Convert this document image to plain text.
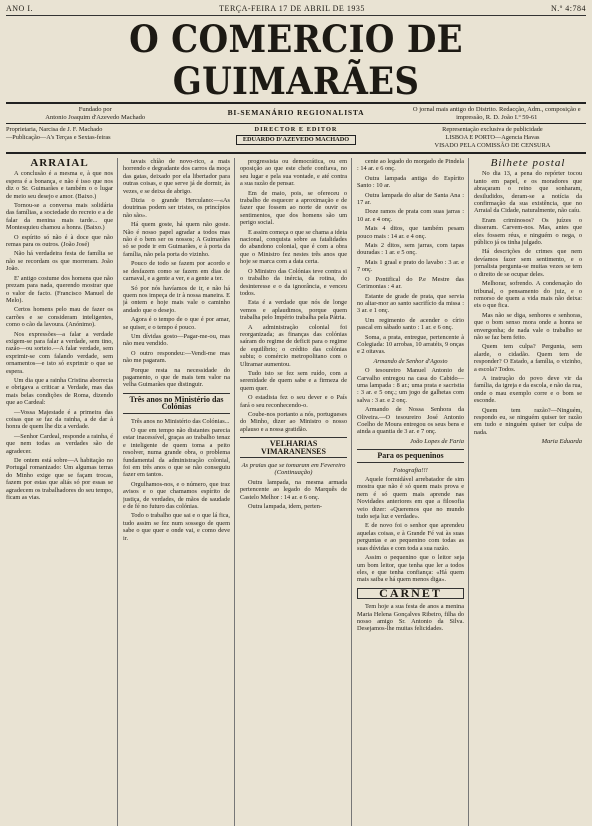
ANO I.	TERÇA-FEIRA 17 DE ABRIL DE 1935	N.º 4:784
O COMERCIO DE GUIMARÃES
Fundado por
Antonio Joaquim d'Azevedo Machado	BI-SEMANÁRIO REGIONALISTA	O jornal mais antigo do Distrito. Redacção, Adm., composição e impressão, R. D. João I.º 59-61
Proprietaria, Narcisa de J. F. Machado
—Publicação—A's Terças e Sextas-feiras
DIRECTOR E EDITOR
EDUARDO D'AZEVEDO MACHADO
Representação exclusiva de publicidade
LISBOA E PORTO—Agencia Havas
VISADO PELA COMISSÃO DE CENSURA
ARRAIAL

A conclusão é a mesma e, à que nos espera é a bonança, e não é isso que nos diz o Sr. Guimarães e também o o lugar de meio seu desejo e amor. (Baixo.)

Tornou-se a conversa mais solidária das famílias, a sociedade do recreio e a de falar da menina mais tarde... que Montesquieu chamou a honra. (Baixo.)

O espírito só não é à doce que não remas para os outros. (João José)

Não há verdadeira festa de família se não se recordam os que morreram. João João.

E' antigo costume dos homens que não prezam para nada, querendo mostrar que o valor de facto. (Francisco Manuel de Melo).

Certos homens pelo mau de fazer os carrões e se consideram inteligentes, como o cão da lavoura. (Anónimo).

Nos expressões—a falar a verdade exigem-se para falar a verdade, sem tino, razão—ou sorteio.—A falar verdade, sem exprimir-se com falando verdade, sem ornamentos—e isto só exprimir o que se espera.

Um dia que a rainha Cristina aborrecia e obrigava a criticar a Verdade, mas das mais belas condições de Roma, dizendo que ao Cardeal:

—Vossa Majestade é a primeira das coisas que se faz da rainha, a de dar à honra de quem lhe diz a verdade.

—Senhor Cardeal, responde a rainha, é que nem todas as verdades são de agradecer.

De ontem está sobre—A habitação no Portugal romanizado: Um algumas terras do Minho exige que se façam trocas, fazem por estas que aliás só por essas se agradecem os trabalhadores do seu tempo, ficam as vias.

tavais chíão de novo-rico, a mais horrendo e degradante dos carros da moça das gatas, deixado por ela libertador para outras coisas, e que serve já de dormir, às vezes, e se deixa de abrigo.

Dizia o grande Herculano:—«As doutrinas podem ser tristes, os princípios não são».

Há quem goste, há quem não goste. Não é nosso papel agradar a todos mas não é o bem ser os nossos; A Guimarães só se pode ir em Guimarães, e à porta da família, não pela porta do vizinho.

Pouco de todo se fazem por acordo e se desfazem como se fazem em dias de carnaval, e a gente a ver, e a gente a ter.

Só por nós havíamos de ir, e não há quem nos impeça de ir à nossa maneira. E já ontem e hoje mais vale o caminho andado que o desejo.

Agora é o tempo de o que é por amar, se quiser, e o tempo é pouco.

Um dívidas gosto—Pagar-me-ou, mas não meu vendido.

O outro respondeu:—Vendi-me mas não me pagaram.

Porque resta na necessidade do pagamento, o que de mais tem valor na velha Guimarães que distinguir.

Três anos no Ministério das Colónias

Três anos no Ministério das Colónias...

O que em tempo não distantes parecia estar inacessível, graças ao trabalho tenaz e inteligente de quem toma a peito resolver, numa grande obra, o problema fundamental da administração colonial, foi em três anos o que se não conseguiu fazer em tantos.

Orgulhamos-nos, e o número, que traz avisos e o que chamamos espírito de justiça, de verdades, de mãos de saudade e de fé no futuro das colónias.

Todo o trabalho que sai e o que lá fica, tudo assim se fez num sossego de quem sabe o que quer e onde vai, e como deve ir.

progressista ou democrática, ou em oposição ao que este chefe confiava, no seu lugar e pela sua vontade, e até contra a sua razão de pensar.

Em de maio, pois, se ofereceu o trabalho de esquecer a aproximação e de fazer que fossem ao norte de ouvir os sentimentos, que dos homens são um perigo social.

E assim começa o que se chama a ideia nacional, conquista sobre as fatalidades do abandono colonial, que é com a obra que o Ministro fez nestes três anos que hoje se marca com a data certa.

O Ministro das Colónias teve contra si o trabalho da inércia, da rotina, do desinteresse e o da ignorância, e venceu todos.

Esta é a verdade que nós de longe vemos e aplaudimos, porque quem trabalha pelo Império trabalha pela Pátria.

A administração colonial foi reorganizada; as finanças das colónias saíram do regime de deficit para o regime de equilíbrio; o crédito das colónias subiu; o comércio metropolitano com o Ultramar aumentou.

Tudo isto se fez sem ruído, com a serenidade de quem sabe e a firmeza de quem quer.

O estadista fez o seu dever e o País fará o seu reconhecendo-o.

Coube-nos portanto a nós, portugueses do Minho, dizer ao Ministro o nosso aplauso e a nossa gratidão.

VELHARIAS VIMARANENSES
As praias que se tomaram em Fevereiro (Continuação)

Outra lampada, na mesma armada pertencente ao legado do Marquês de Castelo Melhor : 14 ar. e 6 onç.

Outra lampada, idem, perten-

cente ao legado do morgado de Pindela : 14 ar. e 6 onç.

Outra lampada antiga do Espírito Santo : 10 ar.

Outra lampada do altar de Santa Ana : 17 ar.

Doze ramos de prata com suas jarras : 10 ar. e 4 onç.

Mais 4 ditos, que também pesam pouco mais : 14 ar. e 4 onç.

Mais 2 ditos, sem jarras, com tapas douradas : 1 ar. e 5 onç.

Mais 1 graal e prato do lavabo : 3 ar. e 7 onç.

O Pontifical do P.e Mestre das Cerimonias : 4 ar.

Estante de grade de prata, que servia no altar-mor ao santo sacrifício da missa : 3 ar. e 1 onç.

Um regimento de acender o círio pascal em sábado santo : 1 ar. e 6 onç.

Soma, a prata, entregue, pertencente à Colegiada: 10 arrobas, 10 arratéis, 9 onças e 2 oitavas.

Armando de Senhor d'Agosto

O tesoureiro Manuel Antonio de Carvalho entregou na casa do Cabido—uma lampada : 8 ar.; uma prata e sacristia : 3 ar. e 5 onç.; um jogo de galhetas com salva : 3 ar. e 2 onç.

Armando de Nossa Senhora da Oliveira.—O tesoureiro José Antonio Coelho de Moura entregou os seus bens e ainda a quantia de 3 ar. e 7 onç.

João Lopes de Faria
Para os pequeninos
Fotografia!!!

Aquele formidável arrebatador de sim mostra que não é só quem mais prova e nem é só quem mais aprende nas Novidades anteriores em que a filosofia veio dizer: «Queremos que no mundo tudo seja luz e verdade».

E de novo foi o senhor que aprendeu aquelas coisas, e à Grande Fé vai às suas perguntas e ao pequenino com todas as suas dúvidas e com toda a sua razão.

Assim o pequenino que o leitor seja um bom leitor, que tenha que ler a todos eles, e que tenha confiança: «Há quem mais saiba e há quem menos diga».

CARNET

Tem hoje a sua festa de anos a menina Maria Helena Gonçalves Ribeiro, filha do nosso amigo Sr. Antonio da Silva. Desejamos-lhe muitas felicidades.

Bilhete postal

No dia 13, a pena do repórter tocou tanto em papel, e os moradores que abraçaram o reino que sonharam, desiludidos, deram-se a notícia da confirmação da sua existência, que no Arraial da Cidade, naturalmente, não caíu.

Eram criminosos? Os juízes o disseram. Carvem-nos. Mas, antes que eles fossem réus, e ninguém o nega, o público já os tinha julgado.

Há descrições de crimes que nem devíamos fazer sem sentimento, e o jornalista pergunta-se muitas vezes se tem o direito de se ocupar deles.

Melhorar, sofrendo. A condenação do tribunal, o pensamento do juiz, e o remorso de quem a vida mais não deixa: eis o que fica.

Mas não se diga, senhores e senhoras, que o bom senso mora onde a honra se envergonha; de nada vale o trabalho se não se faz bem feito.

Quem tem culpa? Pergunta, sem alarde, o cidadão. Quem tem de responder? O Estado, a família, o vizinho, a escola? Todos.

A instrução do povo deve vir da família, da igreja e da escola, e não da rua, onde o mau exemplo corre e o bom se esconde.

Quem tem razão?—Ninguém, respondo eu, se ninguém quiser ter razão em tudo e ninguém quiser ter culpa de nada.

Maria Eduarda
